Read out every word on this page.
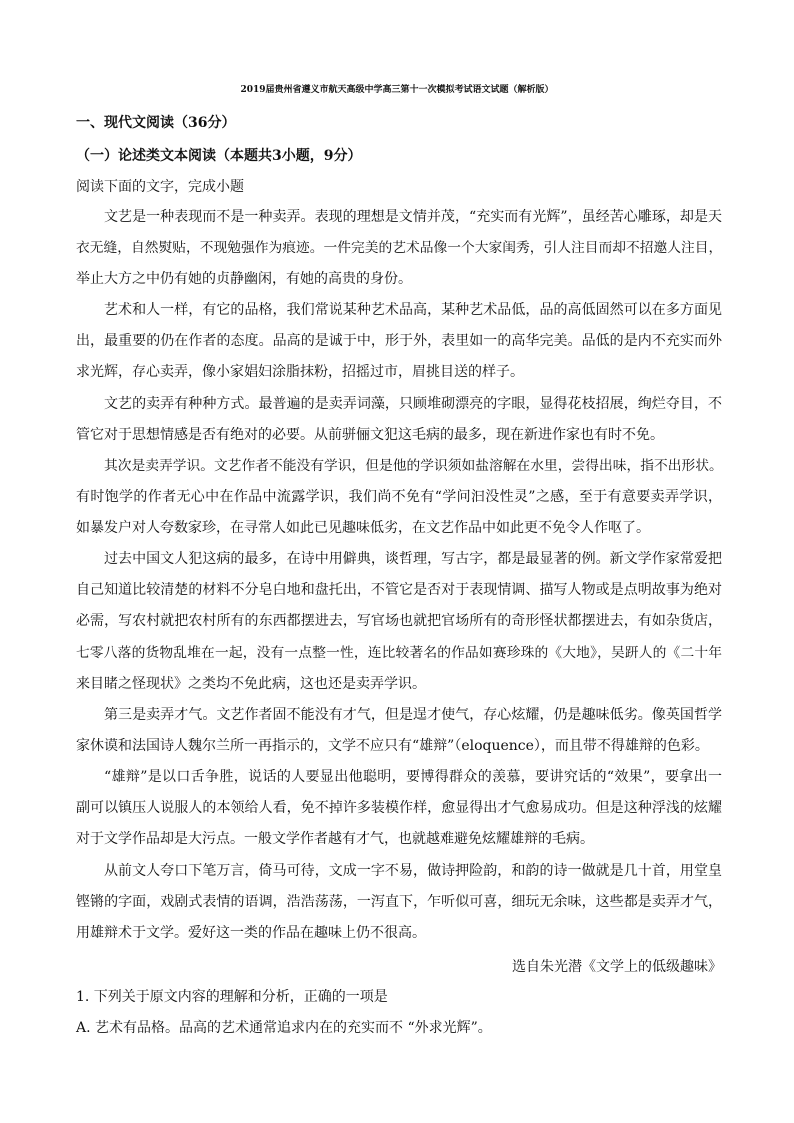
2019届贵州省遵义市航天高级中学高三第十一次模拟考试语文试题（解析版）
一、现代文阅读（36分）
（一）论述类文本阅读（本题共3小题，9分）
阅读下面的文字，完成小题
文艺是一种表现而不是一种卖弄。表现的理想是文情并茂，“充实而有光辉”，虽经苦心雕琢，却是天
衣无缝，自然熨贴，不现勉强作为痕迹。一件完美的艺术品像一个大家闺秀，引人注目而却不招邀人注目，
举止大方之中仍有她的贞静幽闲，有她的高贵的身份。
艺术和人一样，有它的品格，我们常说某种艺术品高，某种艺术品低，品的高低固然可以在多方面见
出，最重要的仍在作者的态度。品高的是诚于中，形于外，表里如一的高华完美。品低的是内不充实而外
求光辉，存心卖弄，像小家娼妇涂脂抹粉，招摇过市，眉挑目送的样子。
文艺的卖弄有种种方式。最普遍的是卖弄词藻，只顾堆砌漂亮的字眼，显得花枝招展，绚烂夺目，不
管它对于思想情感是否有绝对的必要。从前骈俪文犯这毛病的最多，现在新进作家也有时不免。
其次是卖弄学识。文艺作者不能没有学识，但是他的学识须如盐溶解在水里，尝得出味，指不出形状。
有时饱学的作者无心中在作品中流露学识，我们尚不免有“学问汩没性灵”之感，至于有意要卖弄学识，
如暴发户对人夸数家珍，在寻常人如此已见趣味低劣，在文艺作品中如此更不免令人作呕了。
过去中国文人犯这病的最多，在诗中用僻典，谈哲理，写古字，都是最显著的例。新文学作家常爱把
自己知道比较清楚的材料不分皂白地和盘托出，不管它是否对于表现情调、描写人物或是点明故事为绝对
必需，写农村就把农村所有的东西都摆进去，写官场也就把官场所有的奇形怪状都摆进去，有如杂货店，
七零八落的货物乱堆在一起，没有一点整一性，连比较著名的作品如赛珍珠的《大地》，吴趼人的《二十年
来目睹之怪现状》之类均不免此病，这也还是卖弄学识。
第三是卖弄才气。文艺作者固不能没有才气，但是逞才使气，存心炫耀，仍是趣味低劣。像英国哲学
家休谟和法国诗人魏尔兰所一再指示的，文学不应只有“雄辩”（eloquence），而且带不得雄辩的色彩。
“雄辩”是以口舌争胜，说话的人要显出他聪明，要博得群众的羡慕，要讲究话的“效果”，要拿出一
副可以镇压人说服人的本领给人看，免不掉许多装模作样，愈显得出才气愈易成功。但是这种浮浅的炫耀
对于文学作品却是大污点。一般文学作者越有才气，也就越难避免炫耀雄辩的毛病。
从前文人夸口下笔万言，倚马可待，文成一字不易，做诗押险韵，和韵的诗一做就是几十首，用堂皇
铿锵的字面，戏剧式表情的语调，浩浩荡荡，一泻直下，乍听似可喜，细玩无余味，这些都是卖弄才气，
用雄辩术于文学。爱好这一类的作品在趣味上仍不很高。
选自朱光潜《文学上的低级趣味》
1. 下列关于原文内容的理解和分析，正确的一项是
A. 艺术有品格。品高的艺术通常追求内在的充实而不 “外求光辉”。
